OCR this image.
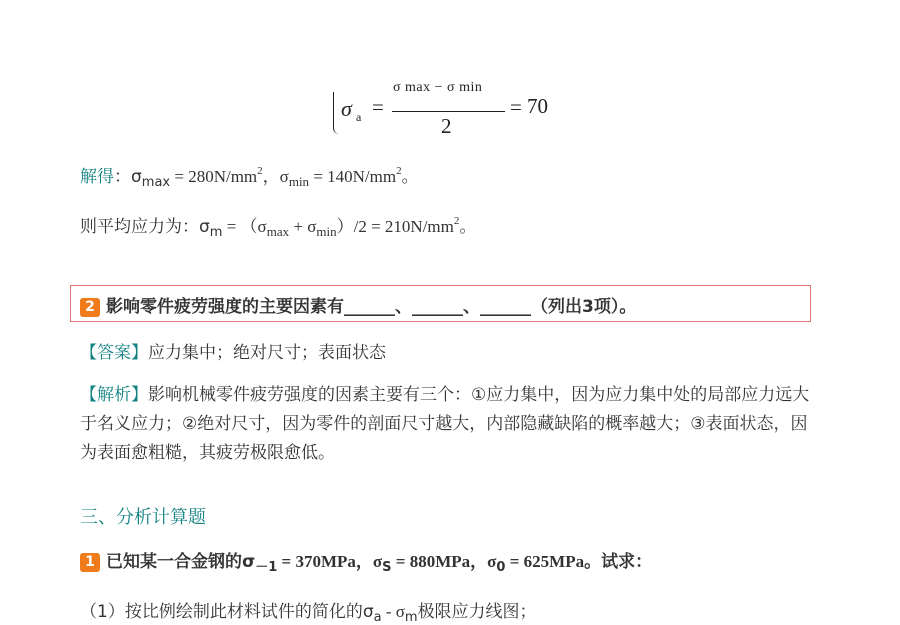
σ a =
σ max − σ min
2
= 70
解得：$\sigma_{max} = 280N/mm^2$，$\sigma_{min} = 140N/mm^2$。
则平均应力为：$\sigma_m = (\sigma_{max} + \sigma_{min})/2 = 210N/mm^2$。
2 影响零件疲劳强度的主要因素有______、______、______（列出3项）。
【答案】应力集中；绝对尺寸；表面状态
【解析】影响机械零件疲劳强度的因素主要有三个：①应力集中，因为应力集中处的局部应力远大于名义应力；②绝对尺寸，因为零件的剖面尺寸越大，内部隐藏缺陷的概率越大；③表面状态，因为表面愈粗糙，其疲劳极限愈低。
三、分析计算题
1 已知某一合金钢的$\sigma_{-1} = 370MPa$，$\sigma_S = 880MPa$，$\sigma_0 = 625MPa$。试求：
（1）按比例绘制此材料试件的简化的$\sigma_a - \sigma_m$极限应力线图；
